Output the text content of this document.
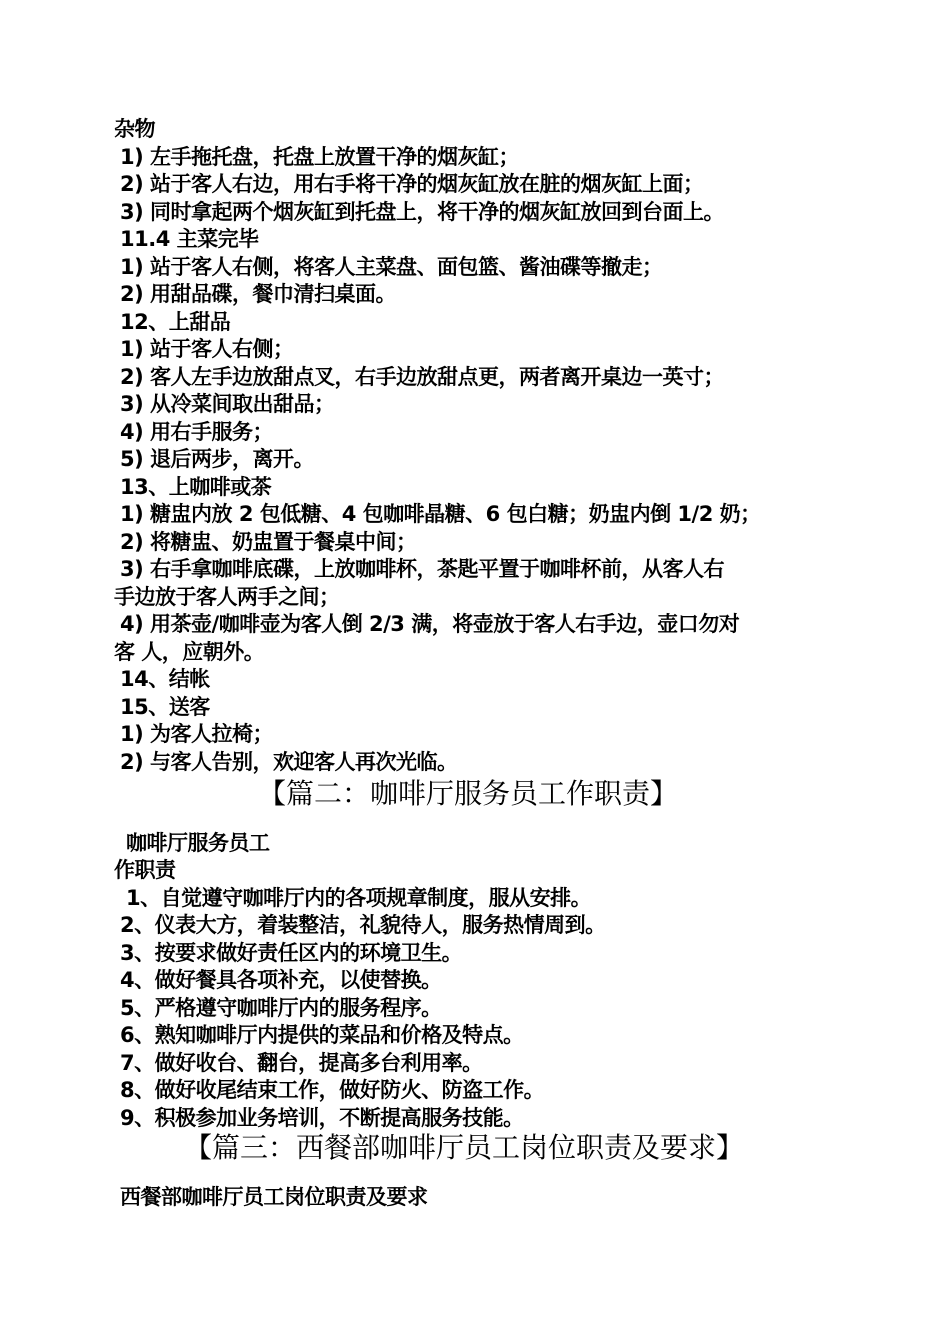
杂物
1) 左手拖托盘，托盘上放置干净的烟灰缸；
2) 站于客人右边，用右手将干净的烟灰缸放在脏的烟灰缸上面；
3) 同时拿起两个烟灰缸到托盘上，将干净的烟灰缸放回到台面上。
11.4 主菜完毕
1) 站于客人右侧，将客人主菜盘、面包篮、酱油碟等撤走；
2) 用甜品碟，餐巾清扫桌面。
12、上甜品
1) 站于客人右侧；
2) 客人左手边放甜点叉，右手边放甜点更，两者离开桌边一英寸；
3) 从冷菜间取出甜品；
4) 用右手服务；
5) 退后两步，离开。
13、上咖啡或茶
1) 糖盅内放 2 包低糖、4 包咖啡晶糖、6 包白糖；奶盅内倒 1/2 奶；
2) 将糖盅、奶盅置于餐桌中间；
3) 右手拿咖啡底碟，上放咖啡杯，茶匙平置于咖啡杯前，从客人右
手边放于客人两手之间；
4) 用茶壶/咖啡壶为客人倒 2/3 满，将壶放于客人右手边，壶口勿对
客 人，应朝外。
14、结帐
15、送客
1) 为客人拉椅；
2) 与客人告别，欢迎客人再次光临。
【篇二：咖啡厅服务员工作职责】
咖啡厅服务员工
作职责
1、自觉遵守咖啡厅内的各项规章制度，服从安排。
2、仪表大方，着装整洁，礼貌待人，服务热情周到。
3、按要求做好责任区内的环境卫生。
4、做好餐具各项补充，以使替换。
5、严格遵守咖啡厅内的服务程序。
6、熟知咖啡厅内提供的菜品和价格及特点。
7、做好收台、翻台，提高多台利用率。
8、做好收尾结束工作，做好防火、防盗工作。
9、积极参加业务培训，不断提高服务技能。
【篇三：西餐部咖啡厅员工岗位职责及要求】
西餐部咖啡厅员工岗位职责及要求
